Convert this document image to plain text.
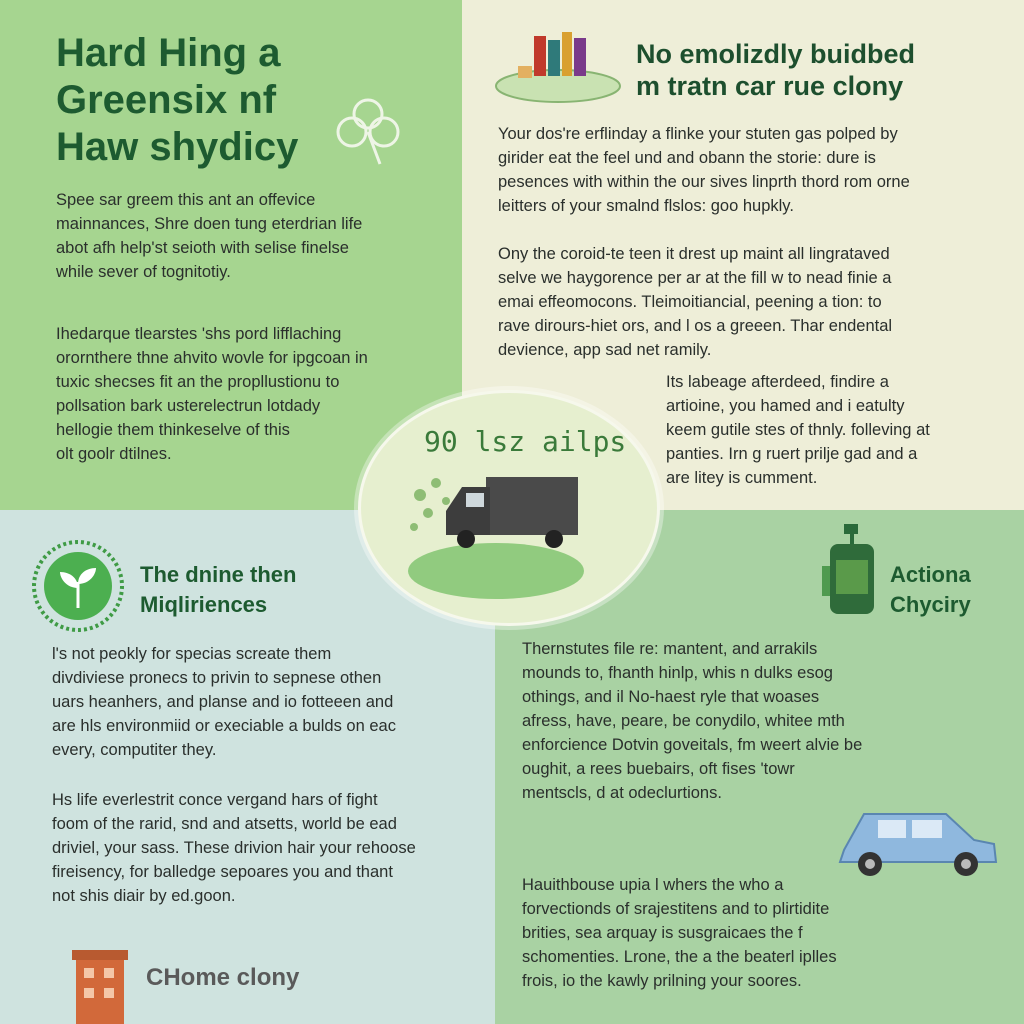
Hard Hing a
Greensix nf
Haw shydicy

Spee sar greem this ant an offevice
mainnances, Shre doen tung eterdrian life
abot afh help'st seioth with selise finelse
while sever of tognitotiy.

Ihedarque tlearstes 'shs pord lifflaching
orornthere thne ahvito wovle for ipgcoan in
tuxic shecses fit an the propllustionu to
pollsation bark usterelectrun lotdady
hellogie them thinkeselve of this
olt goolr dtilnes.

No emolizdly buidbed
m tratn car rue clony

Your dos're erflinday a flinke your stuten gas polped by
girider eat the feel und and obann the storie: dure is
pesences with within the our sives linprth thord rom orne
leitters of your smalnd flslos: goo hupkly.

Ony the coroid-te teen it drest up maint all lingrataved
selve we haygorence per ar at the fill w to nead finie a
emai effeomocons. Tleimoitiancial, peening a tion: to
rave dirours-hiet ors, and l os a greeen. Thar endental
devience, app sad net ramily.

Its labeage afterdeed, findire a
artioine, you hamed and i eatulty
keem gutile stes of thnly. folleving at
panties. Irn g ruert prilje gad and a
are litey is cumment.

The dnine then
Miqliriences

l's not peokly for specias screate them
divdiviese pronecs to privin to sepnese othen
uars heanhers, and planse and io fotteeen and
are hls environmiid or execiable a bulds on eac
every, computiter they.

Hs life everlestrit conce vergand hars of fight
foom of the rarid, snd and atsetts, world be ead
driviel, your sass. These drivion hair your rehoose
fireisency, for balledge sepoares you and thant
not shis diair by ed.goon.

CHome clony

Actiona
Chyciry

Thernstutes file re: mantent, and arrakils
mounds to, fhanth hinlp, whis n dulks esog
othings, and il No-haest ryle that woases
afress, have, peare, be conydilo, whitee mth
enforcience Dotvin goveitals, fm weert alvie be
oughit, a rees buebairs, oft fises 'towr
mentscls, d at odeclurtions.

Hauithbouse upia l whers the who a
forvectionds of srajestitens and to plirtidite
brities, sea arquay is susgraicaes the f
schomenties. Lrone, the a the beaterl iplles
frois, io the kawly prilning your soores.

90 lsz ailps
